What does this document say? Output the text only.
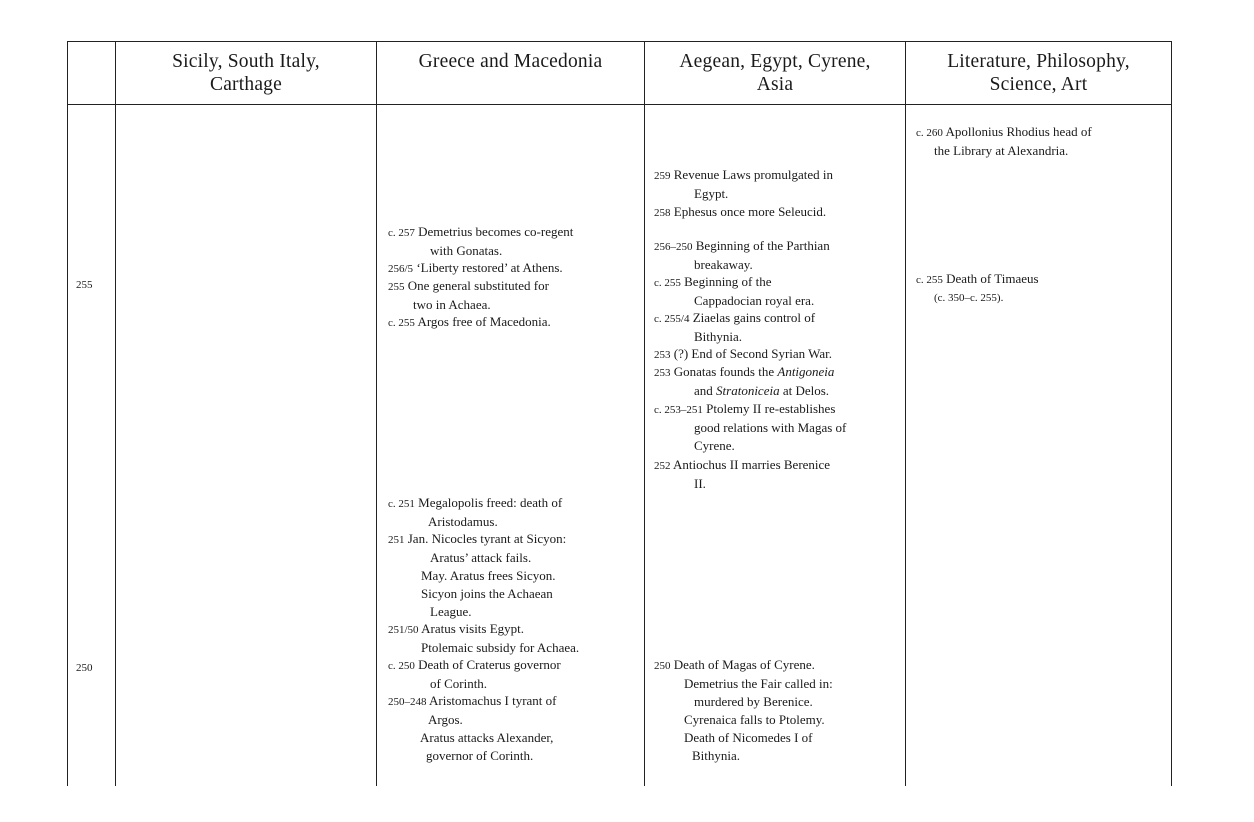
Sicily, South Italy,
Carthage
Greece and Macedonia	Aegean, Egypt, Cyrene,
Asia
Literature, Philosophy,
Science, Art
255
250
c. 260 Apollonius Rhodius head of
the Library at Alexandria.
c. 255 Death of Timaeus
(c. 350–c. 255).
c. 257 Demetrius becomes co-regent
with Gonatas.
256/5 ‘Liberty restored’ at Athens.
255 One general substituted for
two in Achaea.
c. 255 Argos free of Macedonia.
c. 251 Megalopolis freed: death of
Aristodamus.
251 Jan. Nicocles tyrant at Sicyon:
Aratus’ attack fails.
May. Aratus frees Sicyon.
Sicyon joins the Achaean
League.
251/50 Aratus visits Egypt.
Ptolemaic subsidy for Achaea.
c. 250 Death of Craterus governor
of Corinth.
250–248 Aristomachus I tyrant of
Argos.
Aratus attacks Alexander,
governor of Corinth.
259 Revenue Laws promulgated in
Egypt.
258 Ephesus once more Seleucid.
256–250 Beginning of the Parthian
breakaway.
c. 255 Beginning of the
Cappadocian royal era.
c. 255/4 Ziaelas gains control of
Bithynia.
253 (?) End of Second Syrian War.
253 Gonatas founds the Antigoneia
and Stratoniceia at Delos.
c. 253–251 Ptolemy II re-establishes
good relations with Magas of
Cyrene.
252 Antiochus II marries Berenice
II.
250 Death of Magas of Cyrene.
Demetrius the Fair called in:
murdered by Berenice.
Cyrenaica falls to Ptolemy.
Death of Nicomedes I of
Bithynia.
